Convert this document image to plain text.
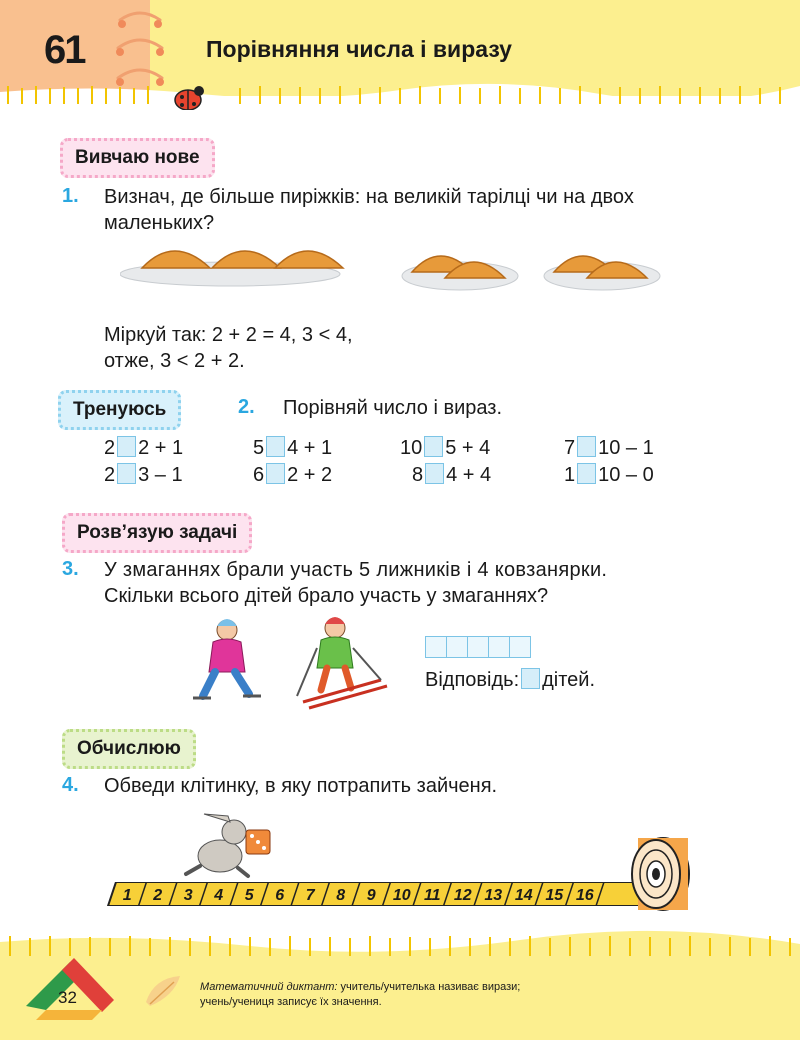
61	Порівняння числа і виразу
Вивчаю нове
1. Визнач, де більше пиріжків: на великій тарілці чи на двох
маленьких?
Міркуй так: 2 + 2 = 4, 3 < 4,
отже, 3 < 2 + 2.
Тренуюсь	2. Порівняй число і вираз.
2 2 + 1	5 4 + 1	10 5 + 4	7 10 – 1
2 3 – 1	6 2 + 2	8 4 + 4	1 10 – 0
Розв’язую задачі
3. У змаганнях брали участь 5 лижників і 4 ковзанярки.
Скільки всього дітей брало участь у змаганнях?
Відповідь: дітей.
Обчислюю
4. Обведи клітинку, в яку потрапить зайченя.
1 2 3 4 5 6 7 8 9 10 11 12 13 14 15 16
32
Математичний диктант: учитель/учителька називає вирази;
учень/учениця записує їх значення.
